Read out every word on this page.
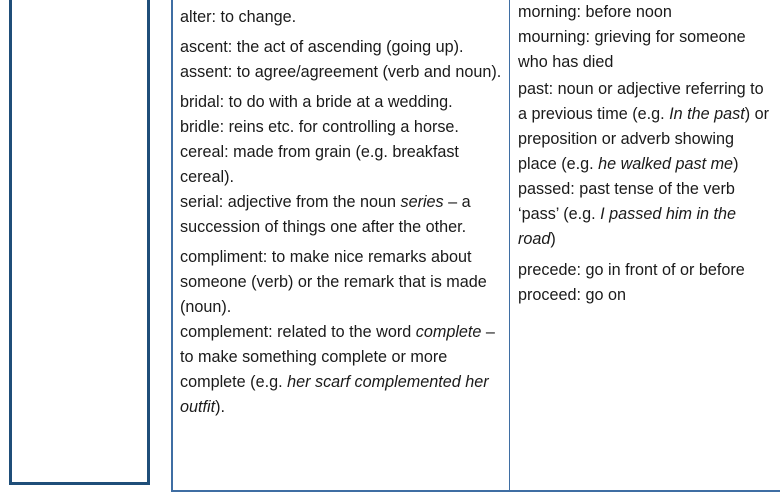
alter: to change.

ascent: the act of ascending (going up).

assent: to agree/agreement (verb and noun).

bridal: to do with a bride at a wedding.

bridle: reins etc. for controlling a horse.

cereal: made from grain (e.g. breakfast cereal).

serial: adjective from the noun series – a succession of things one after the other.

compliment: to make nice remarks about someone (verb) or the remark that is made (noun).

complement: related to the word complete – to make something complete or more complete (e.g. her scarf complemented her outfit).

morning: before noon

mourning: grieving for someone who has died

past: noun or adjective referring to a previous time (e.g. In the past) or preposition or adverb showing place (e.g. he walked past me)

passed: past tense of the verb ‘pass’ (e.g. I passed him in the road)

precede: go in front of or before

proceed: go on
